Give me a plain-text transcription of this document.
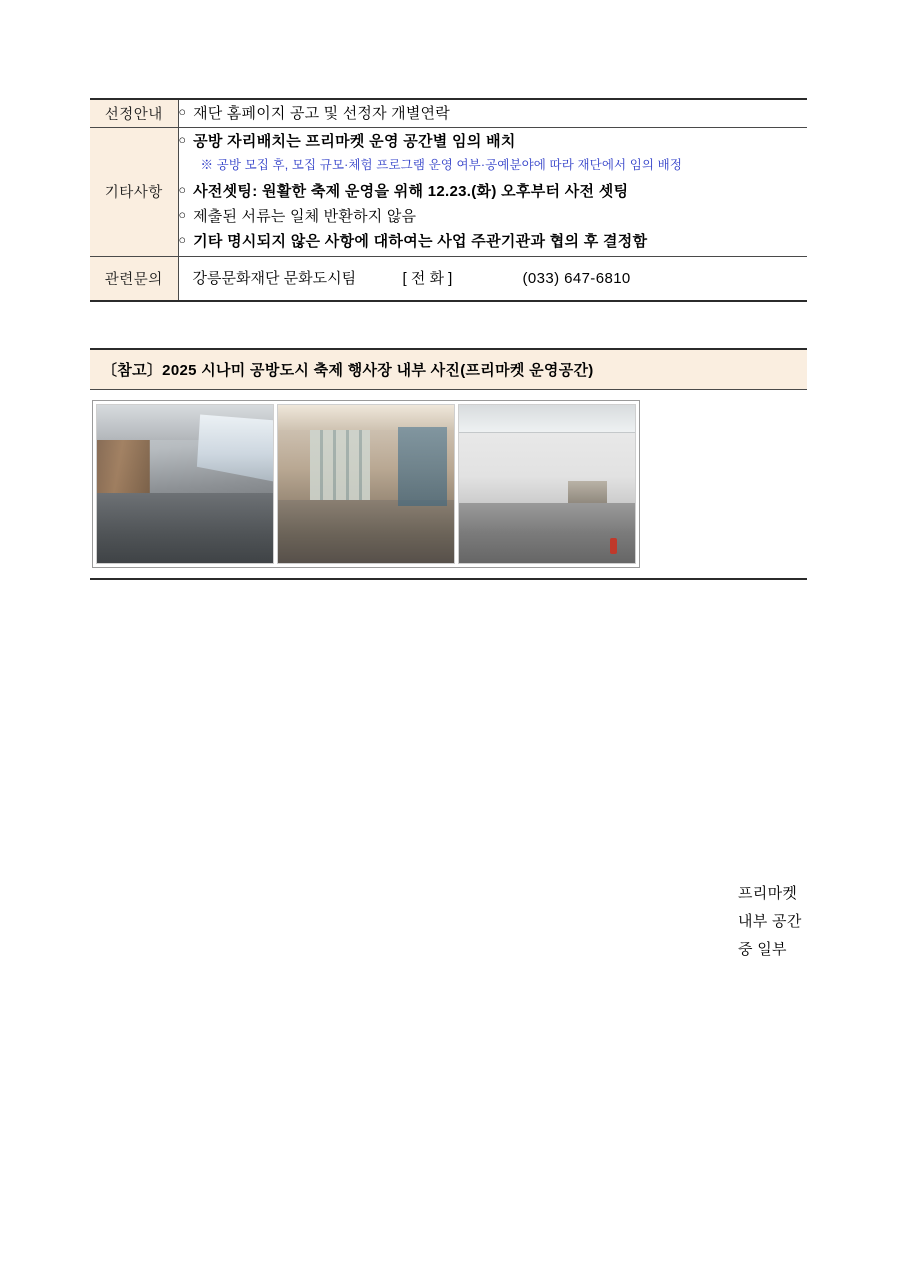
선정안내	○ 재단 홈페이지 공고 및 선정자 개별연락

기타사항	
○ 공방 자리배치는 프리마켓 운영 공간별 임의 배치
※ 공방 모집 후, 모집 규모·체험 프로그램 운영 여부·공예분야에 따라 재단에서 임의 배정
○ 사전셋팅: 원활한 축제 운영을 위해 12.23.(화) 오후부터 사전 셋팅
○ 제출된 서류는 일체 반환하지 않음
○ 기타 명시되지 않은 사항에 대하여는 사업 주관기관과 협의 후 결정함

관련문의	강릉문화재단 문화도시팀 [ 전 화 ] (033) 647-6810
〔참고〕2025 시나미 공방도시 축제 행사장 내부 사진(프리마켓 운영공간)
프리마켓 내부 공간
중 일부
